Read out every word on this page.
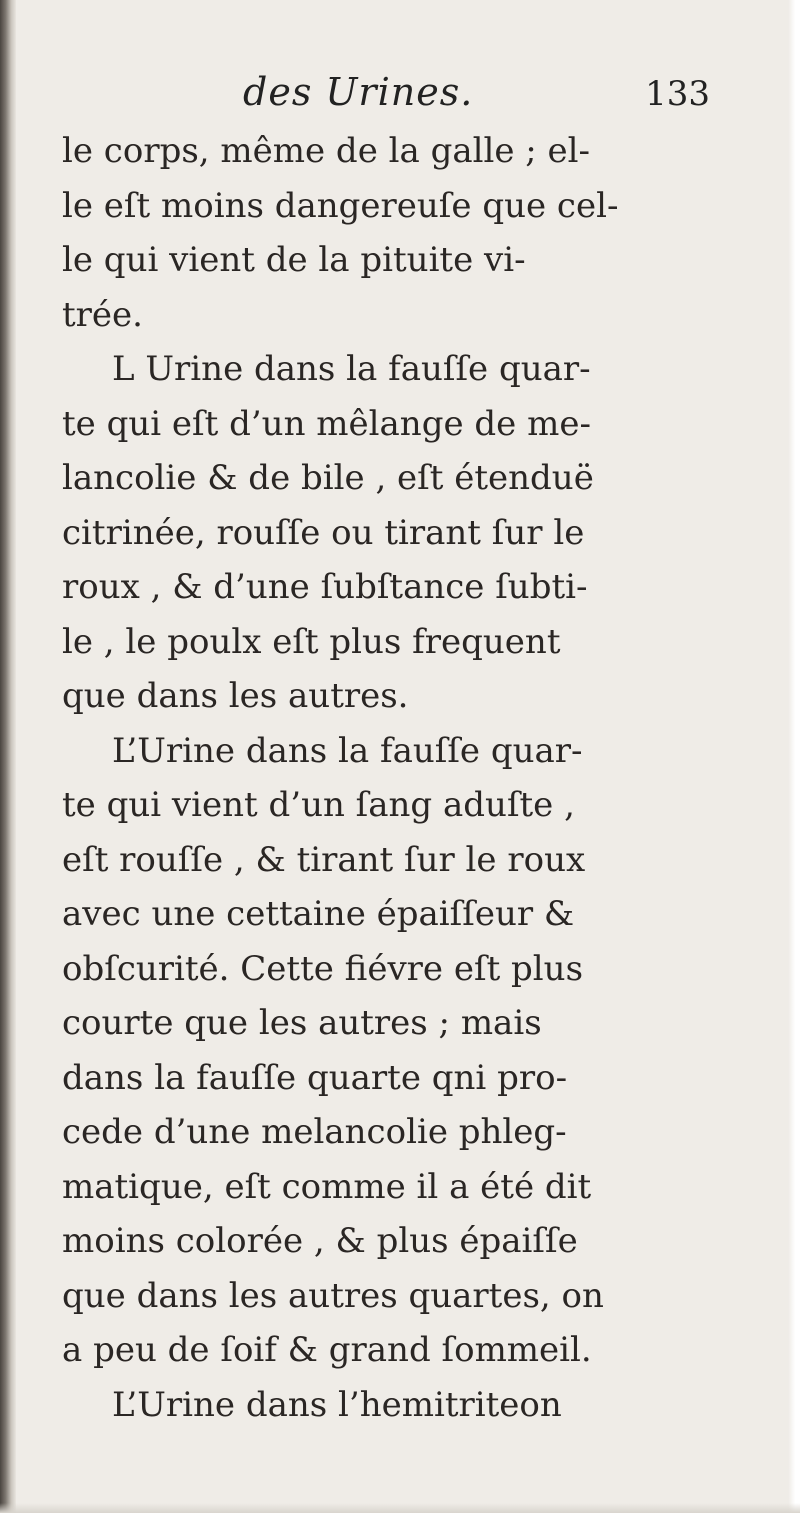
des Urines.	133
le corps, même de la galle ; el-
le eſt moins dangereuſe que cel-
le qui vient de la pituite vi-
trée.
L Urine dans la fauſſe quar-
te qui eſt d’un mêlange de me-
lancolie & de bile , eſt étenduë
citrinée, rouſſe ou tirant ſur le
roux , & d’une ſubſtance ſubti-
le , le poulx eſt plus frequent
que dans les autres.
L’Urine dans la fauſſe quar-
te qui vient d’un ſang aduſte ,
eſt rouſſe , & tirant ſur le roux
avec une cettaine épaiſſeur &
obſcurité. Cette fiévre eſt plus
courte que les autres ; mais
dans la fauſſe quarte qni pro-
cede d’une melancolie phleg-
matique, eſt comme il a été dit
moins colorée , & plus épaiſſe
que dans les autres quartes, on
a peu de ſoif & grand ſommeil.
L’Urine dans l’hemitriteon
